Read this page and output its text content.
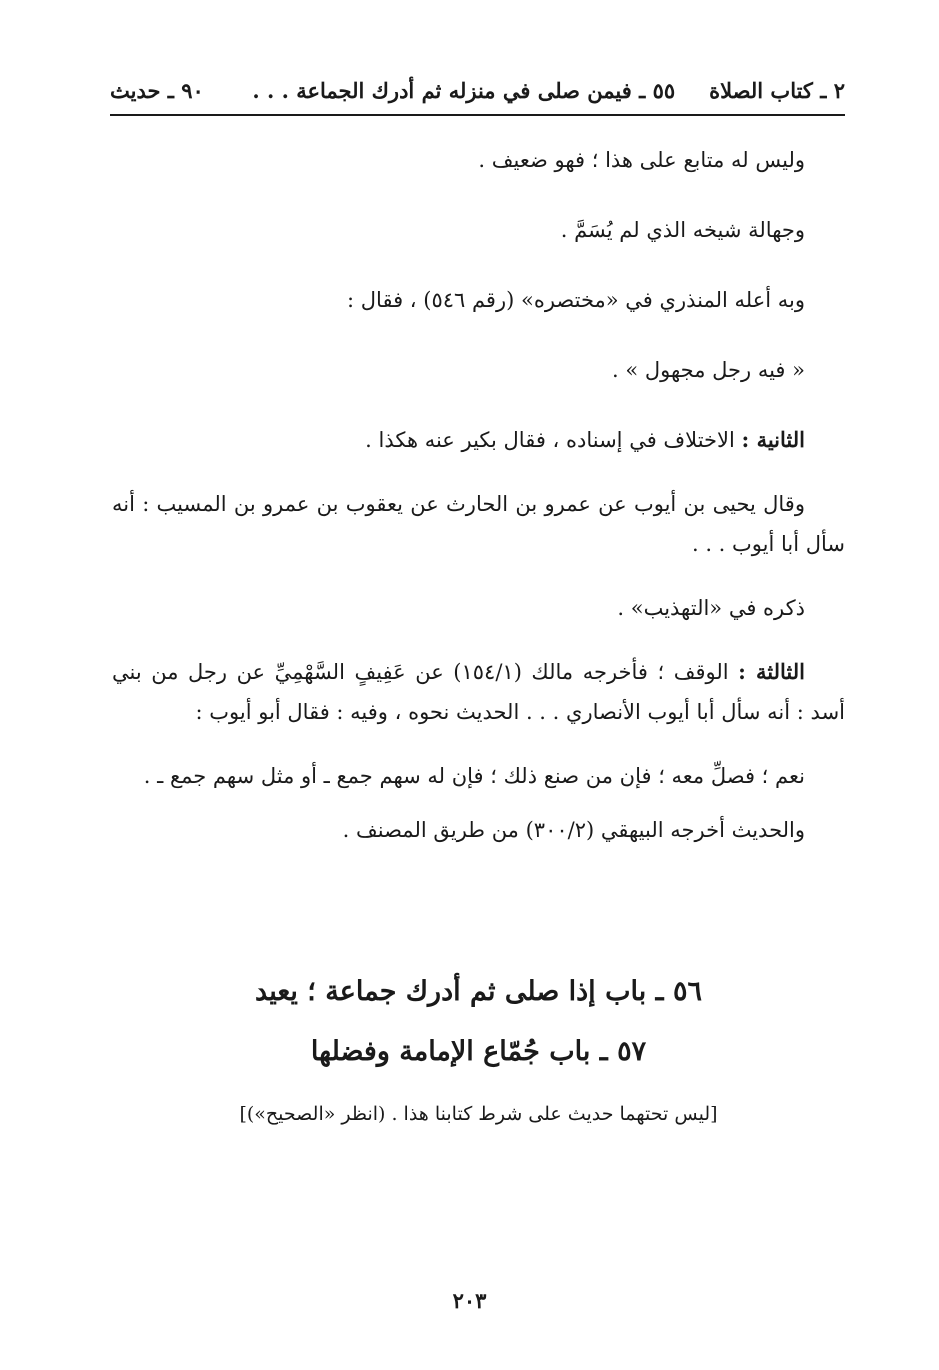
٢ ـ كتاب الصلاة٥٥ ـ فيمن صلى في منزله ثم أدرك الجماعة . . .
٩٠ ـ حديث

وليس له متابع على هذا ؛ فهو ضعيف .

وجهالة شيخه الذي لم يُسَمَّ .

وبه أعله المنذري في «مختصره» (رقم ٥٤٦) ، فقال :

« فيه رجل مجهول » .

الثانية : الاختلاف في إسناده ، فقال بكير عنه هكذا .

وقال يحيى بن أيوب عن عمرو بن الحارث عن يعقوب بن عمرو بن المسيب : أنه سأل أبا أيوب . . .

ذكره في «التهذيب» .

الثالثة : الوقف ؛ فأخرجه مالك (١٥٤/١) عن عَفِيفٍ السَّهْمِيِّ عن رجل من بني أسد : أنه سأل أبا أيوب الأنصاري . . . الحديث نحوه ، وفيه : فقال أبو أيوب :

نعم ؛ فصلِّ معه ؛ فإن من صنع ذلك ؛ فإن له سهم جمع ـ أو مثل سهم جمع ـ .

والحديث أخرجه البيهقي (٣٠٠/٢) من طريق المصنف .

٥٦ ـ باب إذا صلى ثم أدرك جماعة ؛ يعيد

٥٧ ـ باب جُمّاع الإمامة وفضلها

[ليس تحتهما حديث على شرط كتابنا هذا . (انظر «الصحيح»)]

٢٠٣
